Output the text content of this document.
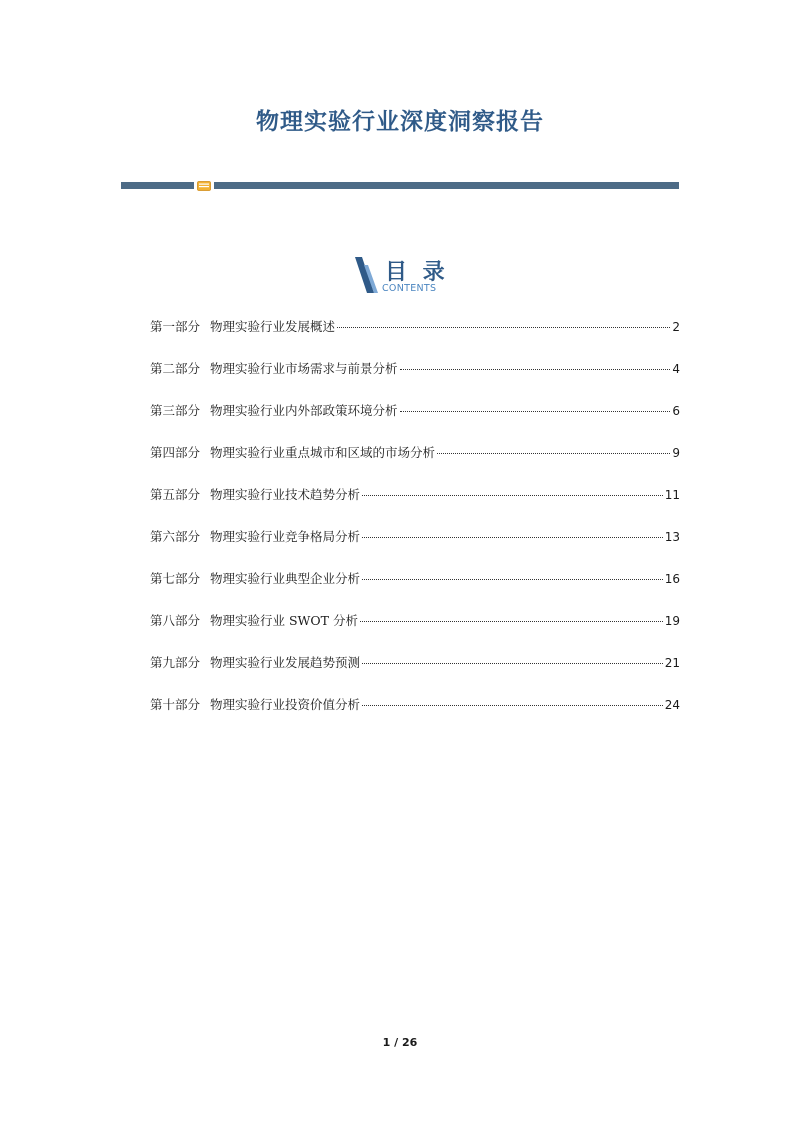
物理实验行业深度洞察报告
目 录
CONTENTS
第一部分 物理实验行业发展概述	2
第二部分 物理实验行业市场需求与前景分析	4
第三部分 物理实验行业内外部政策环境分析	6
第四部分 物理实验行业重点城市和区域的市场分析	9
第五部分 物理实验行业技术趋势分析	11
第六部分 物理实验行业竞争格局分析	13
第七部分 物理实验行业典型企业分析	16
第八部分 物理实验行业 SWOT 分析	19
第九部分 物理实验行业发展趋势预测	21
第十部分 物理实验行业投资价值分析	24
1 / 26
